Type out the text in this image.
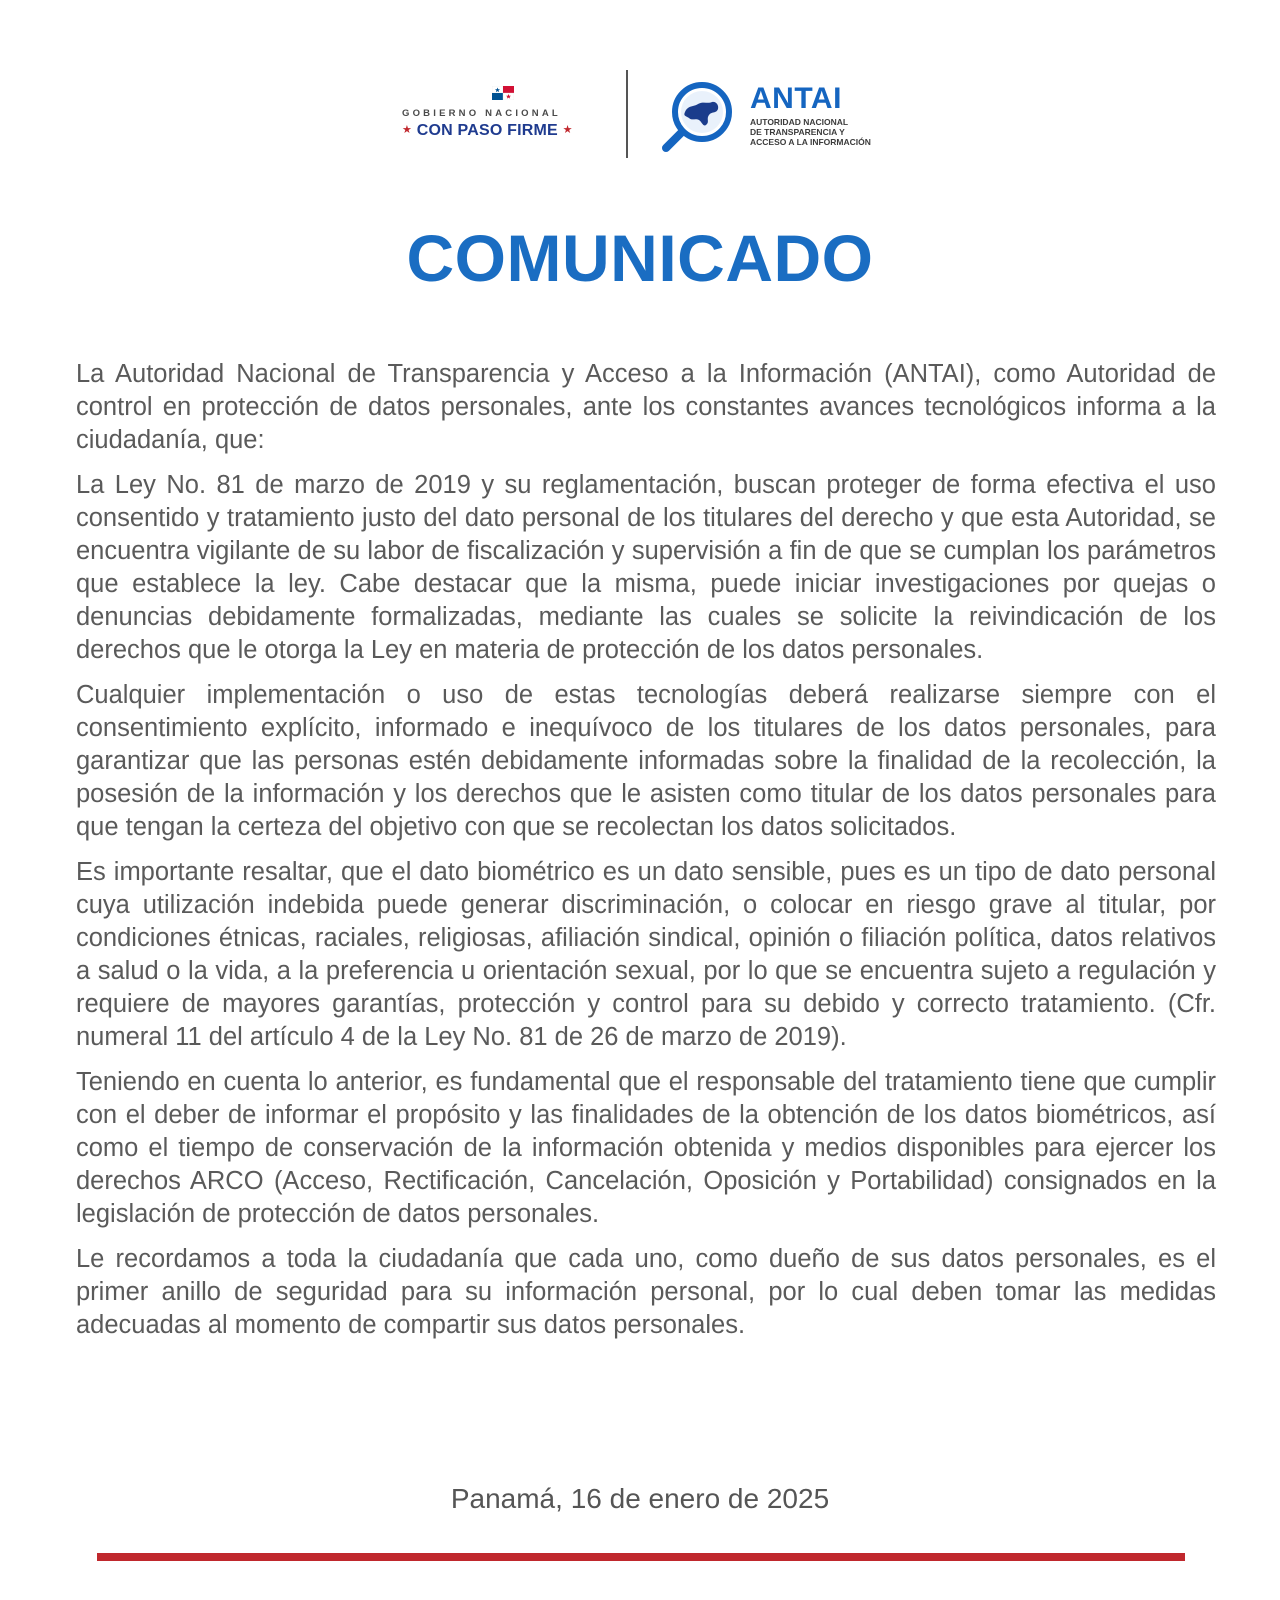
GOBIERNO NACIONAL
★ CON PASO FIRME ★
ANTAI
AUTORIDAD NACIONAL
DE TRANSPARENCIA Y
ACCESO A LA INFORMACIÓN
COMUNICADO

La Autoridad Nacional de Transparencia y Acceso a la Información (ANTAI), como Autoridad de control en protección de datos personales, ante los constantes avances tecnológicos informa a la ciudadanía, que:

La Ley No. 81 de marzo de 2019 y su reglamentación, buscan proteger de forma efectiva el uso consentido y tratamiento justo del dato personal de los titulares del derecho y que esta Autoridad, se encuentra vigilante de su labor de fiscalización y supervisión a fin de que se cumplan los parámetros que establece la ley. Cabe destacar que la misma, puede iniciar investigaciones por quejas o denuncias debidamente formalizadas, mediante las cuales se solicite la reivindicación de los derechos que le otorga la Ley en materia de protección de los datos personales.

Cualquier implementación o uso de estas tecnologías deberá realizarse siempre con el consentimiento explícito, informado e inequívoco de los titulares de los datos personales, para garantizar que las personas estén debidamente informadas sobre la finalidad de la recolección, la posesión de la información y los derechos que le asisten como titular de los datos personales para que tengan la certeza del objetivo con que se recolectan los datos solicitados.

Es importante resaltar, que el dato biométrico es un dato sensible, pues es un tipo de dato personal cuya utilización indebida puede generar discriminación, o colocar en riesgo grave al titular, por condiciones étnicas, raciales, religiosas, afiliación sindical, opinión o filiación política, datos relativos a salud o la vida, a la preferencia u orientación sexual, por lo que se encuentra sujeto a regulación y requiere de mayores garantías, protección y control para su debido y correcto tratamiento. (Cfr. numeral 11 del artículo 4 de la Ley No. 81 de 26 de marzo de 2019).

Teniendo en cuenta lo anterior, es fundamental que el responsable del tratamiento tiene que cumplir con el deber de informar el propósito y las finalidades de la obtención de los datos biométricos, así como el tiempo de conservación de la información obtenida y medios disponibles para ejercer los derechos ARCO (Acceso, Rectificación, Cancelación, Oposición y Portabilidad) consignados en la legislación de protección de datos personales.

Le recordamos a toda la ciudadanía que cada uno, como dueño de sus datos personales, es el primer anillo de seguridad para su información personal, por lo cual deben tomar las medidas adecuadas al momento de compartir sus datos personales.

Panamá, 16 de enero de 2025
